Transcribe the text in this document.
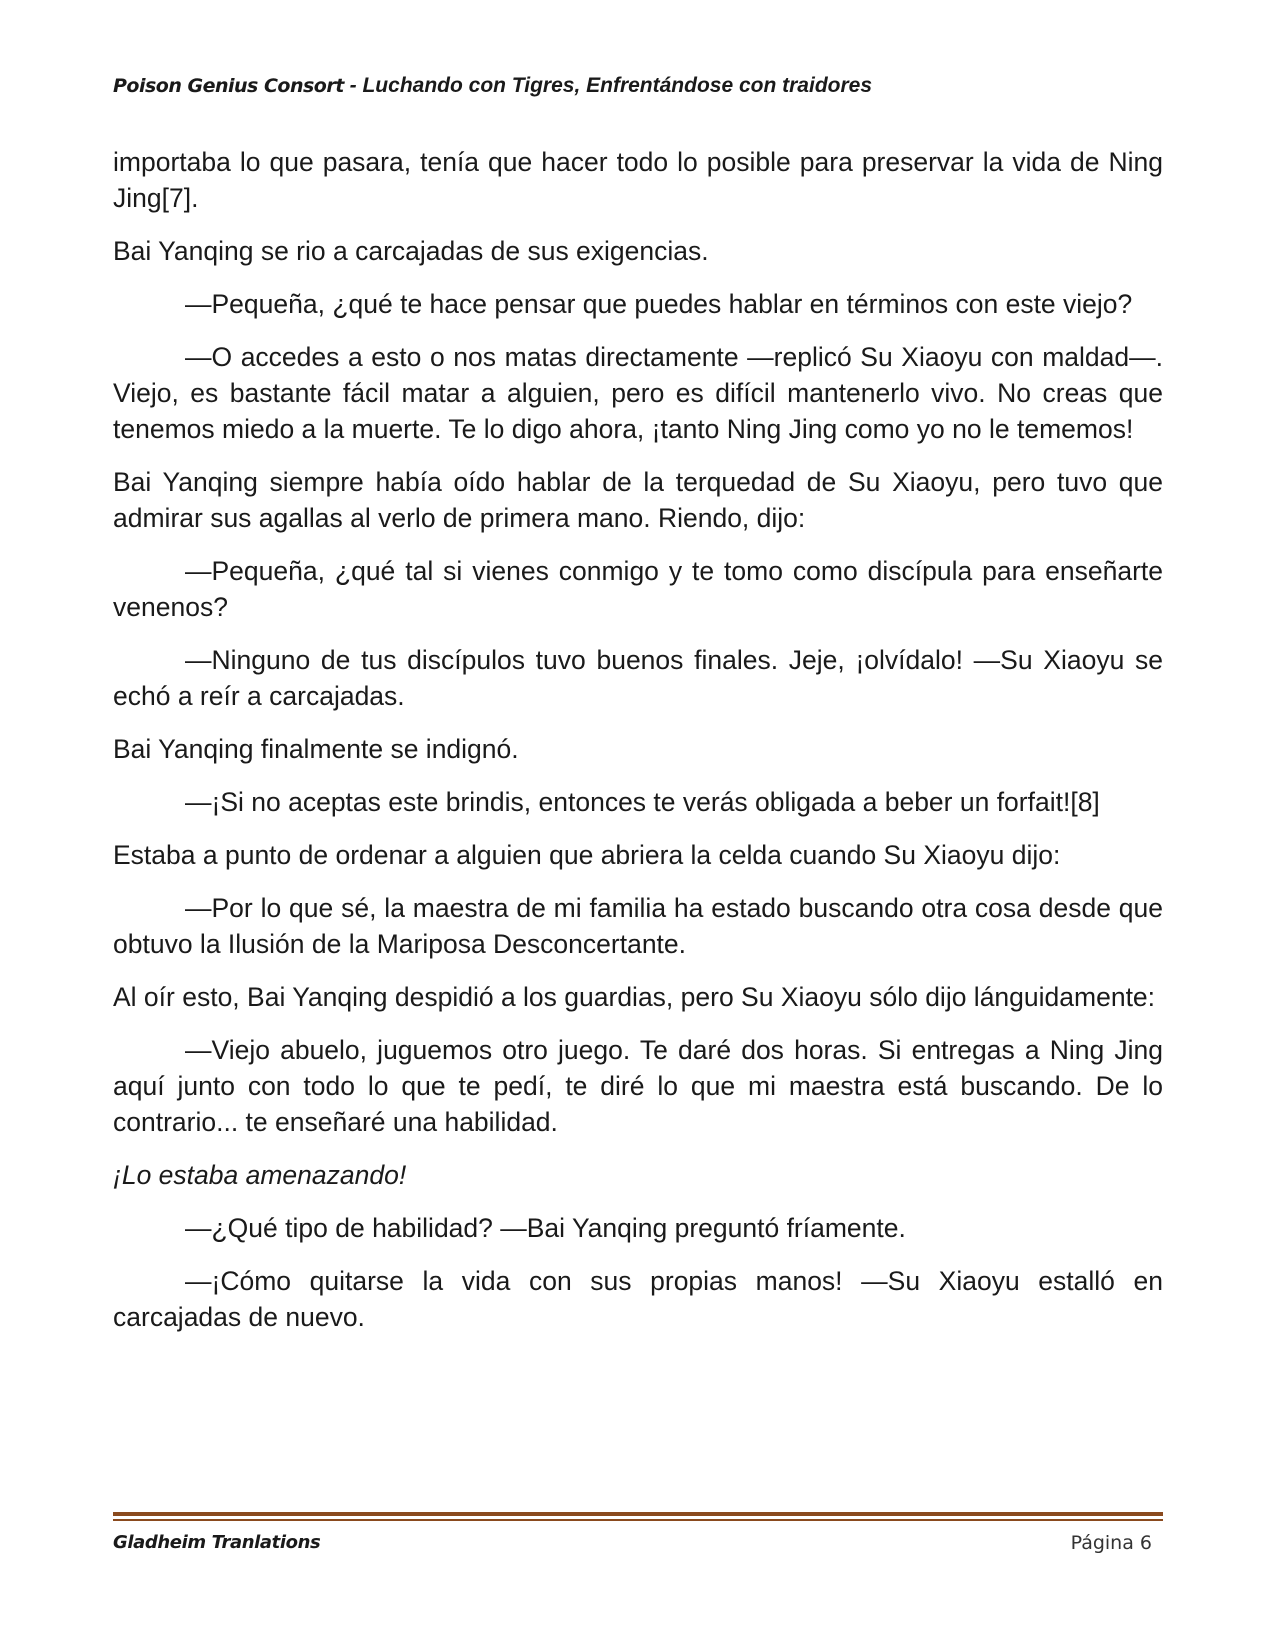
Poison Genius Consort - Luchando con Tigres, Enfrentándose con traidores

importaba lo que pasara, tenía que hacer todo lo posible para preservar la vida de Ning Jing[7].

Bai Yanqing se rio a carcajadas de sus exigencias.

—Pequeña, ¿qué te hace pensar que puedes hablar en términos con este viejo?

—O accedes a esto o nos matas directamente —replicó Su Xiaoyu con maldad—. Viejo, es bastante fácil matar a alguien, pero es difícil mantenerlo vivo. No creas que tenemos miedo a la muerte. Te lo digo ahora, ¡tanto Ning Jing como yo no le tememos!

Bai Yanqing siempre había oído hablar de la terquedad de Su Xiaoyu, pero tuvo que admirar sus agallas al verlo de primera mano. Riendo, dijo:

—Pequeña, ¿qué tal si vienes conmigo y te tomo como discípula para enseñarte venenos?

—Ninguno de tus discípulos tuvo buenos finales. Jeje, ¡olvídalo! —Su Xiaoyu se echó a reír a carcajadas.

Bai Yanqing finalmente se indignó.

—¡Si no aceptas este brindis, entonces te verás obligada a beber un forfait![8]

Estaba a punto de ordenar a alguien que abriera la celda cuando Su Xiaoyu dijo:

—Por lo que sé, la maestra de mi familia ha estado buscando otra cosa desde que obtuvo la Ilusión de la Mariposa Desconcertante.

Al oír esto, Bai Yanqing despidió a los guardias, pero Su Xiaoyu sólo dijo lánguidamente:

—Viejo abuelo, juguemos otro juego. Te daré dos horas. Si entregas a Ning Jing aquí junto con todo lo que te pedí, te diré lo que mi maestra está buscando. De lo contrario... te enseñaré una habilidad.

¡Lo estaba amenazando!

—¿Qué tipo de habilidad? —Bai Yanqing preguntó fríamente.

—¡Cómo quitarse la vida con sus propias manos! —Su Xiaoyu estalló en carcajadas de nuevo.

Gladheim Tranlations	Página 6
